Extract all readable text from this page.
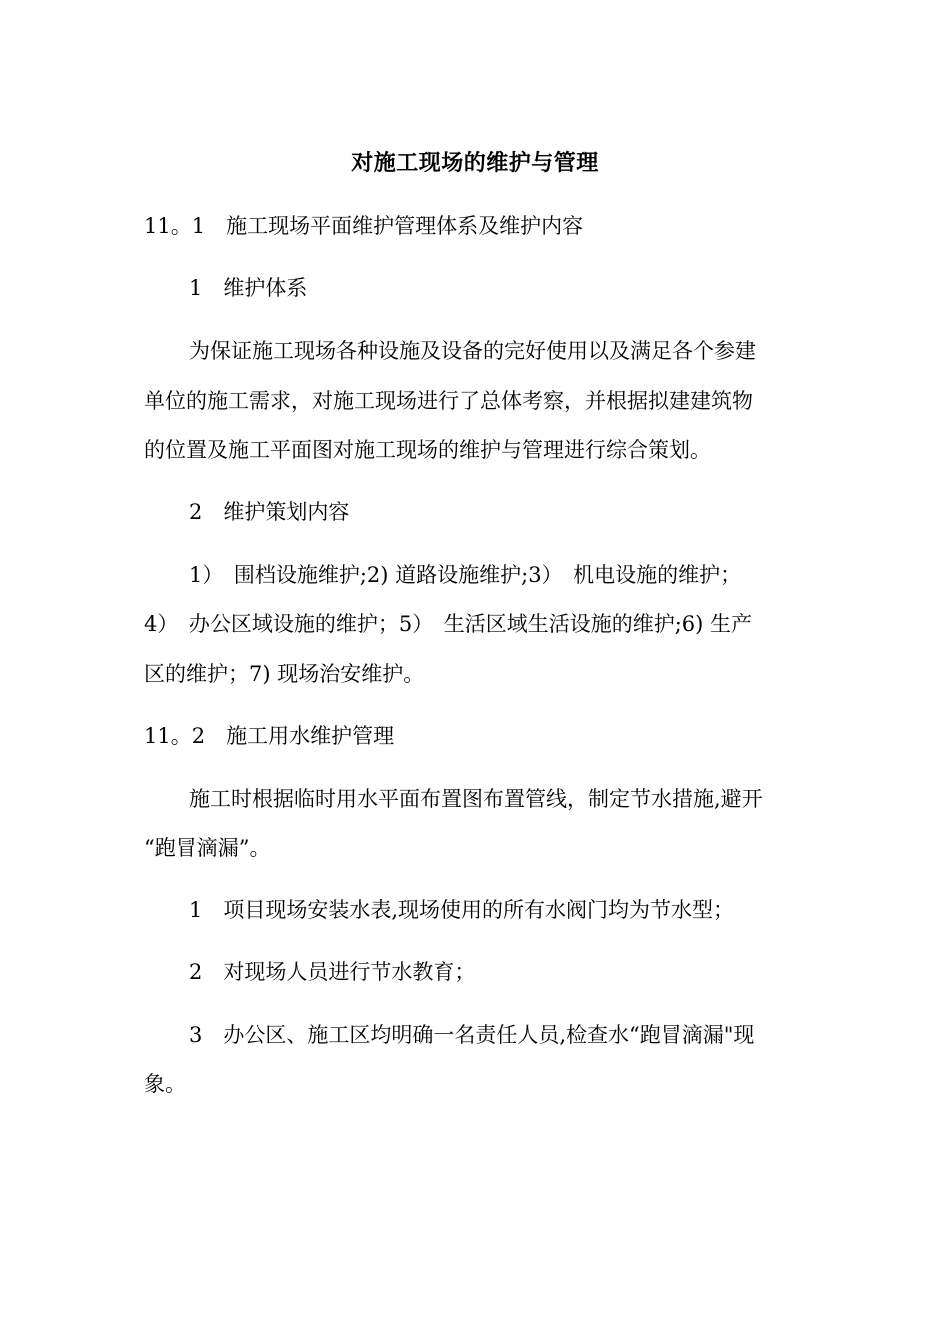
对施工现场的维护与管理
11。1　施工现场平面维护管理体系及维护内容
1　维护体系
为保证施工现场各种设施及设备的完好使用以及满足各个参建
单位的施工需求，对施工现场进行了总体考察，并根据拟建建筑物
的位置及施工平面图对施工现场的维护与管理进行综合策划。
2　维护策划内容
1）　围档设施维护;2) 道路设施维护;3）　机电设施的维护；
4）　办公区域设施的维护；5）　生活区域生活设施的维护;6) 生产
区的维护；7) 现场治安维护。
11。2　施工用水维护管理
施工时根据临时用水平面布置图布置管线，制定节水措施,避开
“跑冒滴漏”。
1　项目现场安装水表,现场使用的所有水阀门均为节水型；
2　对现场人员进行节水教育；
3　办公区、施工区均明确一名责任人员,检查水“跑冒滴漏"现
象。
